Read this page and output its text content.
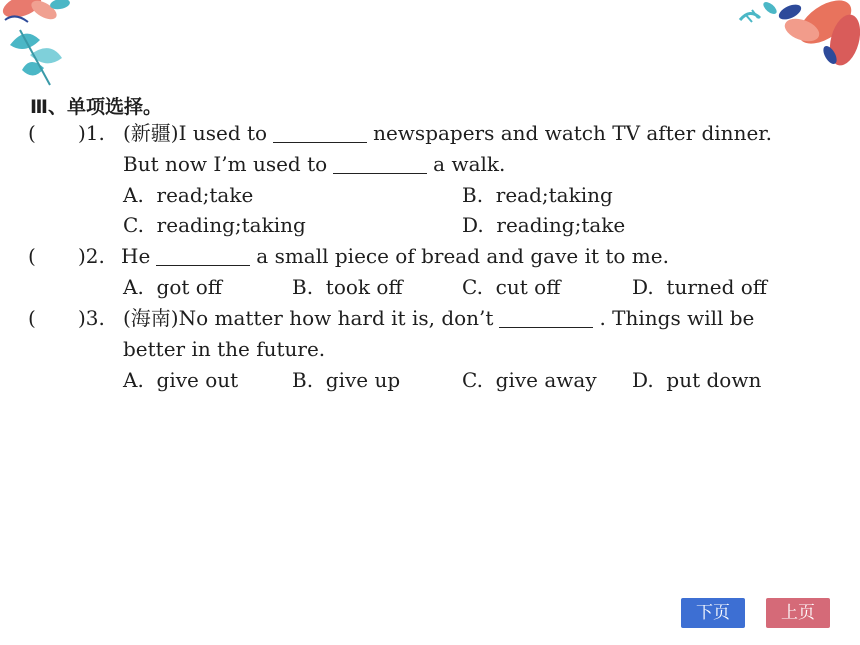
Ⅲ、单项选择。
( )1. (新疆)I used to	newspapers and watch TV after dinner.
But now I’m used to	a walk.
A. read;take	B. read;taking
C. reading;taking	D. reading;take
( )2. He	a small piece of bread and gave it to me.
A. got off	B. took off	C. cut off	D. turned off
( )3. (海南)No matter how hard it is, don’t	. Things will be
better in the future.
A. give out	B. give up	C. give away D. put down
下页	上页
